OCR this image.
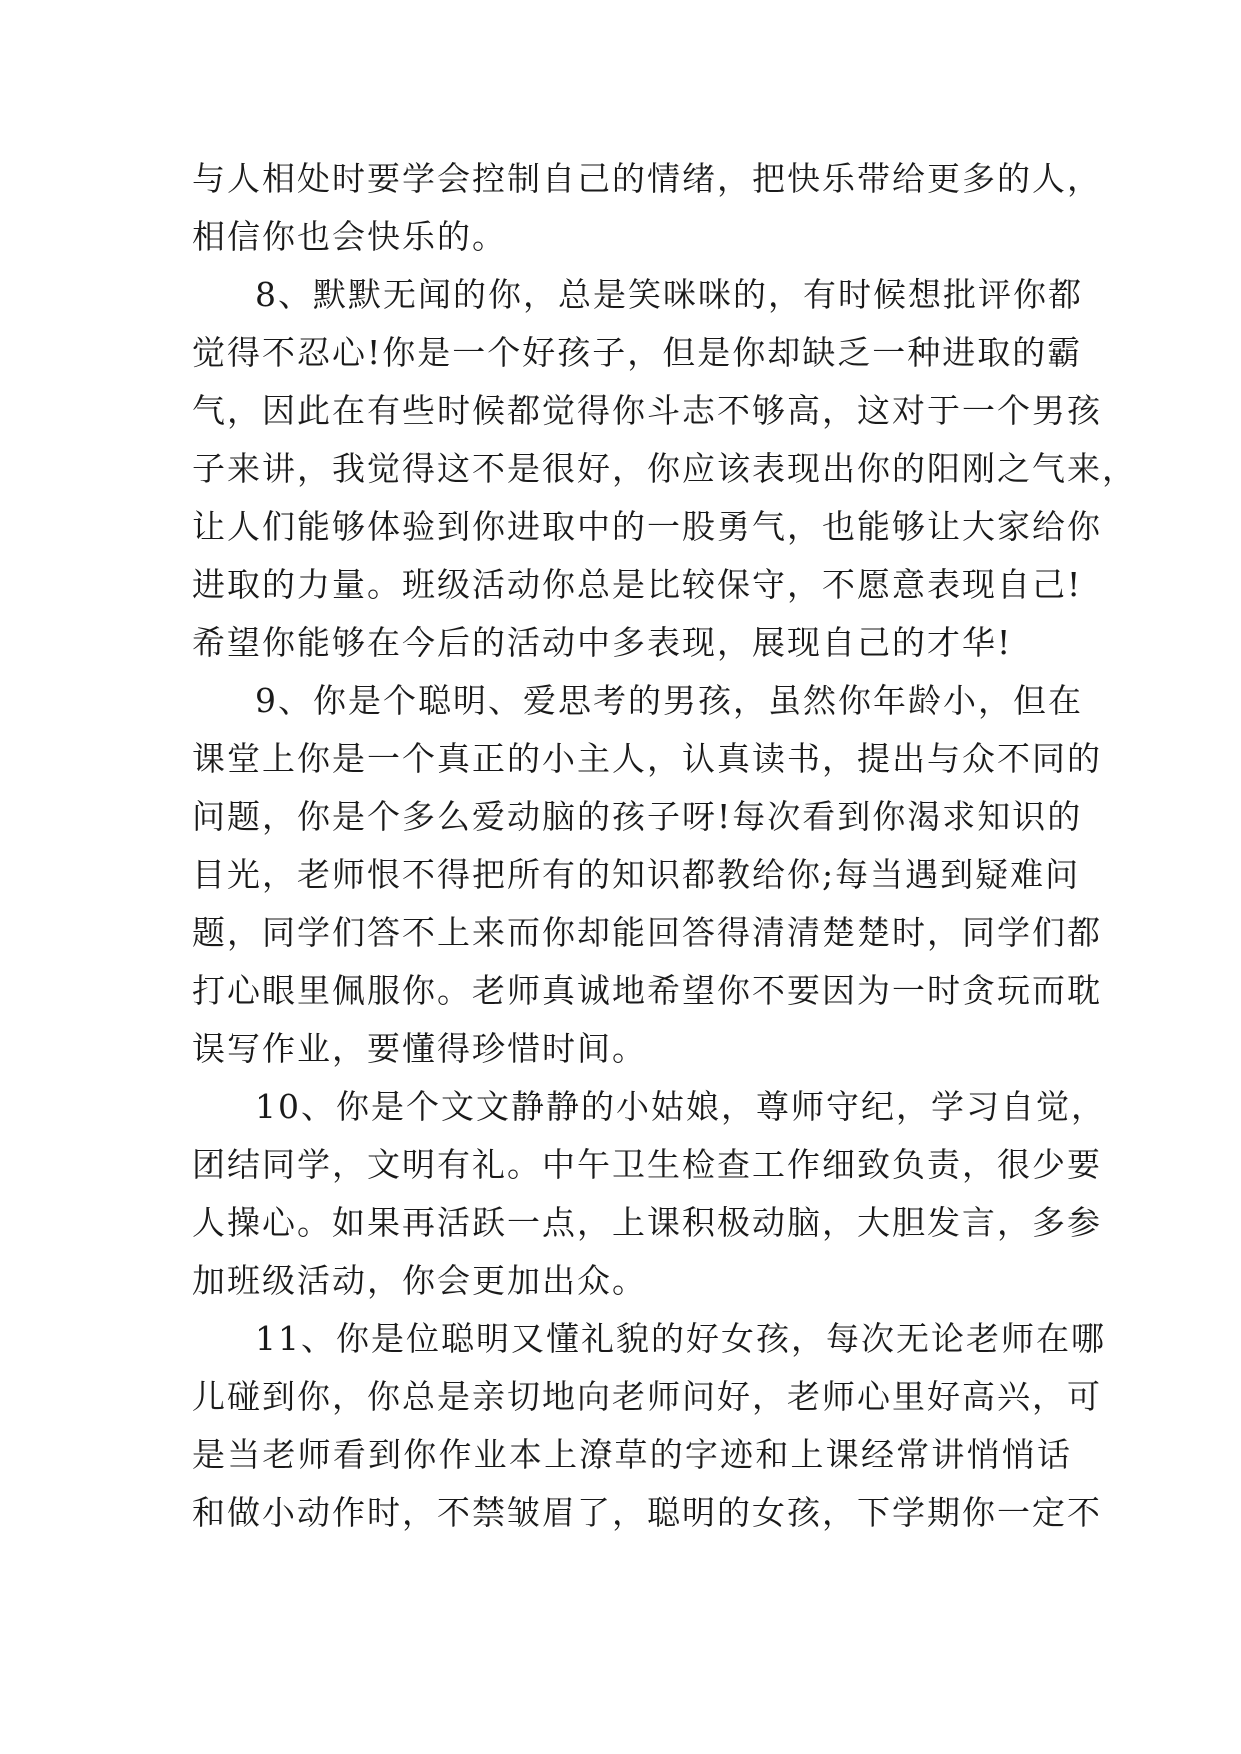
与人相处时要学会控制自己的情绪，把快乐带给更多的人，
相信你也会快乐的。
8、默默无闻的你，总是笑咪咪的，有时候想批评你都
觉得不忍心!你是一个好孩子，但是你却缺乏一种进取的霸
气，因此在有些时候都觉得你斗志不够高，这对于一个男孩
子来讲，我觉得这不是很好，你应该表现出你的阳刚之气来，
让人们能够体验到你进取中的一股勇气，也能够让大家给你
进取的力量。班级活动你总是比较保守，不愿意表现自己!
希望你能够在今后的活动中多表现，展现自己的才华!
9、你是个聪明、爱思考的男孩，虽然你年龄小，但在
课堂上你是一个真正的小主人，认真读书，提出与众不同的
问题，你是个多么爱动脑的孩子呀!每次看到你渴求知识的
目光，老师恨不得把所有的知识都教给你;每当遇到疑难问
题，同学们答不上来而你却能回答得清清楚楚时，同学们都
打心眼里佩服你。老师真诚地希望你不要因为一时贪玩而耽
误写作业，要懂得珍惜时间。
10、你是个文文静静的小姑娘，尊师守纪，学习自觉，
团结同学，文明有礼。中午卫生检查工作细致负责，很少要
人操心。如果再活跃一点，上课积极动脑，大胆发言，多参
加班级活动，你会更加出众。
11、你是位聪明又懂礼貌的好女孩，每次无论老师在哪
儿碰到你，你总是亲切地向老师问好，老师心里好高兴，可
是当老师看到你作业本上潦草的字迹和上课经常讲悄悄话
和做小动作时，不禁皱眉了，聪明的女孩，下学期你一定不
